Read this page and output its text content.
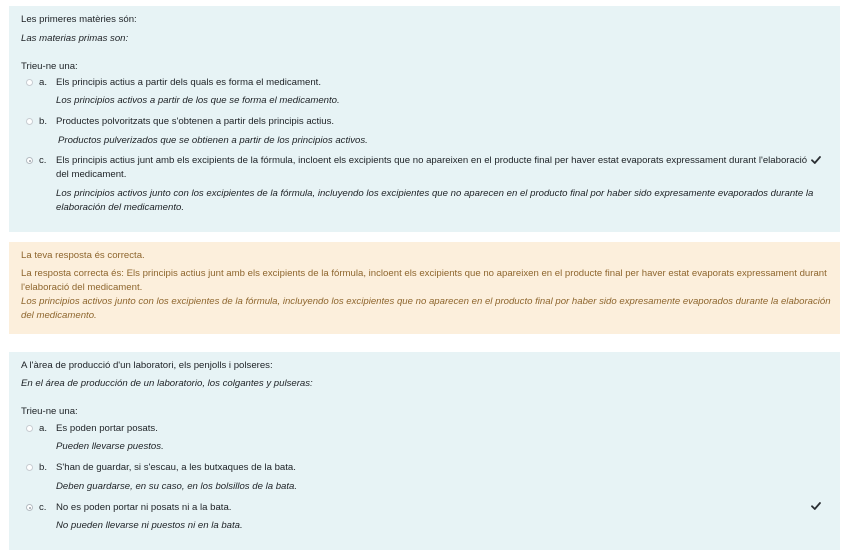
Les primeres matèries són:
Las materias primas son:
Trieu-ne una:
a. Els principis actius a partir dels quals es forma el medicament.
Los principios activos a partir de los que se forma el medicamento.
b. Productes polvoritzats que s'obtenen a partir dels principis actius.
Productos pulverizados que se obtienen a partir de los principios activos.
c. Els principis actius junt amb els excipients de la fórmula, incloent els excipients que no apareixen en el producte final per haver estat evaporats expressament durant l'elaboració
del medicament.
Los principios activos junto con los excipientes de la fórmula, incluyendo los excipientes que no aparecen en el producto final por haber sido expresamente evaporados durante la
elaboración del medicamento.
La teva resposta és correcta.
La resposta correcta és: Els principis actius junt amb els excipients de la fórmula, incloent els excipients que no apareixen en el producte final per haver estat evaporats expressament durant
l'elaboració del medicament.
Los principios activos junto con los excipientes de la fórmula, incluyendo los excipientes que no aparecen en el producto final por haber sido expresamente evaporados durante la elaboración
del medicamento.
A l'àrea de producció d'un laboratori, els penjolls i polseres:
En el área de producción de un laboratorio, los colgantes y pulseras:
Trieu-ne una:
a. Es poden portar posats.
Pueden llevarse puestos.
b. S'han de guardar, si s'escau, a les butxaques de la bata.
Deben guardarse, en su caso, en los bolsillos de la bata.
c. No es poden portar ni posats ni a la bata.
No pueden llevarse ni puestos ni en la bata.
